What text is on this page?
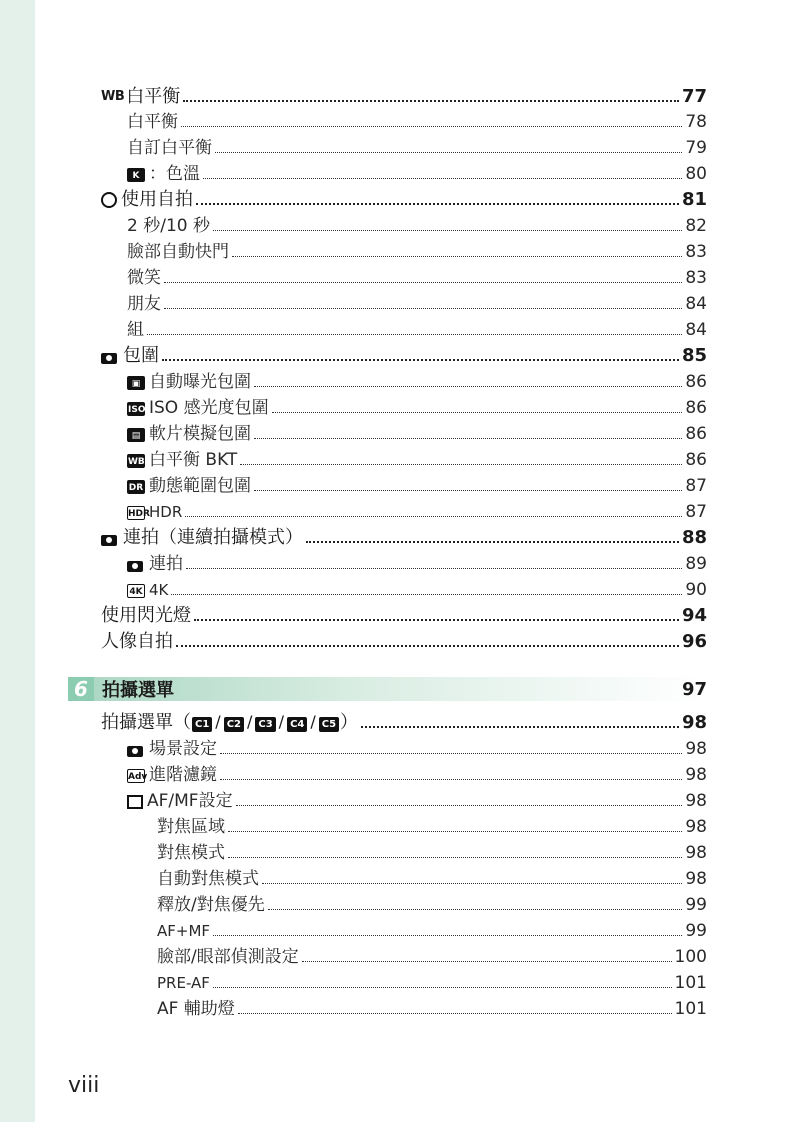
WB 白平衡	77
白平衡	78
自訂白平衡	79
K ：色溫	80
使用自拍	81
2 秒/10 秒	82
臉部自動快門	83
微笑	83
朋友	84
組	84
包圍	85
▣ 自動曝光包圍	86
ISO ISO 感光度包圍	86
▤ 軟片模擬包圍	86
WB 白平衡 BKT	86
DR 動態範圍包圍	87
HDR HDR	87
連拍（連續拍攝模式）	88
連拍	89
4K 4K	90
使用閃光燈	94
人像自拍	96
6 拍攝選單	97
拍攝選單（ C1 / C2 / C3 / C4 / C5 ）	98
場景設定	98
Adv 進階濾鏡	98
AF/MF設定	98
對焦區域	98
對焦模式	98
自動對焦模式	98
釋放/對焦優先	99
AF+MF	99
臉部/眼部偵測設定	100
PRE-AF	101
AF 輔助燈	101
viii
